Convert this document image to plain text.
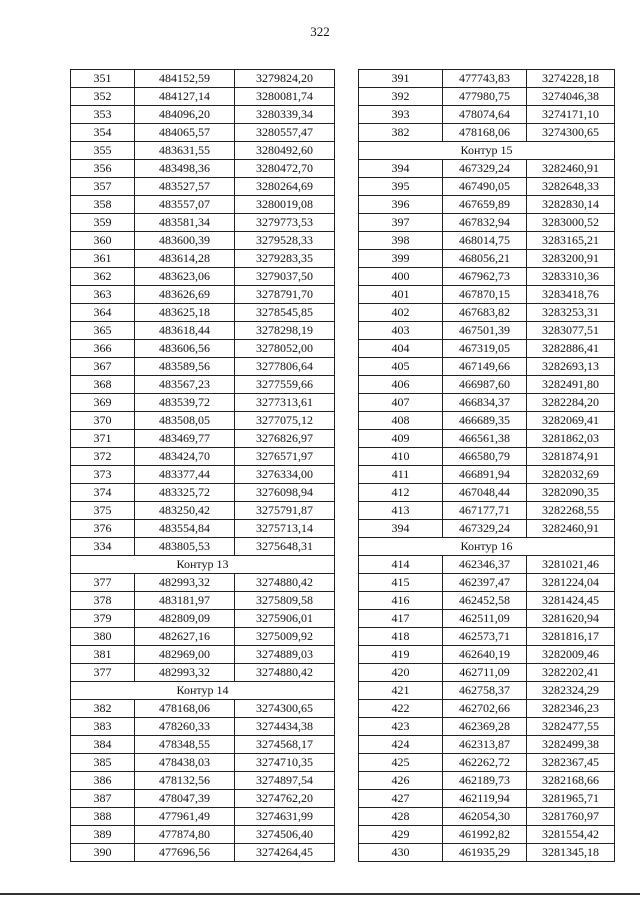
322
351	484152,59	3279824,20
352	484127,14	3280081,74
353	484096,20	3280339,34
354	484065,57	3280557,47
355	483631,55	3280492,60
356	483498,36	3280472,70
357	483527,57	3280264,69
358	483557,07	3280019,08
359	483581,34	3279773,53
360	483600,39	3279528,33
361	483614,28	3279283,35
362	483623,06	3279037,50
363	483626,69	3278791,70
364	483625,18	3278545,85
365	483618,44	3278298,19
366	483606,56	3278052,00
367	483589,56	3277806,64
368	483567,23	3277559,66
369	483539,72	3277313,61
370	483508,05	3277075,12
371	483469,77	3276826,97
372	483424,70	3276571,97
373	483377,44	3276334,00
374	483325,72	3276098,94
375	483250,42	3275791,87
376	483554,84	3275713,14
334	483805,53	3275648,31
Контур 13		
377	482993,32	3274880,42
378	483181,97	3275809,58
379	482809,09	3275906,01
380	482627,16	3275009,92
381	482969,00	3274889,03
377	482993,32	3274880,42
Контур 14		
382	478168,06	3274300,65
383	478260,33	3274434,38
384	478348,55	3274568,17
385	478438,03	3274710,35
386	478132,56	3274897,54
387	478047,39	3274762,20
388	477961,49	3274631,99
389	477874,80	3274506,40
390	477696,56	3274264,45
391	477743,83	3274228,18
392	477980,75	3274046,38
393	478074,64	3274171,10
382	478168,06	3274300,65
Контур 15		
394	467329,24	3282460,91
395	467490,05	3282648,33
396	467659,89	3282830,14
397	467832,94	3283000,52
398	468014,75	3283165,21
399	468056,21	3283200,91
400	467962,73	3283310,36
401	467870,15	3283418,76
402	467683,82	3283253,31
403	467501,39	3283077,51
404	467319,05	3282886,41
405	467149,66	3282693,13
406	466987,60	3282491,80
407	466834,37	3282284,20
408	466689,35	3282069,41
409	466561,38	3281862,03
410	466580,79	3281874,91
411	466891,94	3282032,69
412	467048,44	3282090,35
413	467177,71	3282268,55
394	467329,24	3282460,91
Контур 16		
414	462346,37	3281021,46
415	462397,47	3281224,04
416	462452,58	3281424,45
417	462511,09	3281620,94
418	462573,71	3281816,17
419	462640,19	3282009,46
420	462711,09	3282202,41
421	462758,37	3282324,29
422	462702,66	3282346,23
423	462369,28	3282477,55
424	462313,87	3282499,38
425	462262,72	3282367,45
426	462189,73	3282168,66
427	462119,94	3281965,71
428	462054,30	3281760,97
429	461992,82	3281554,42
430	461935,29	3281345,18
